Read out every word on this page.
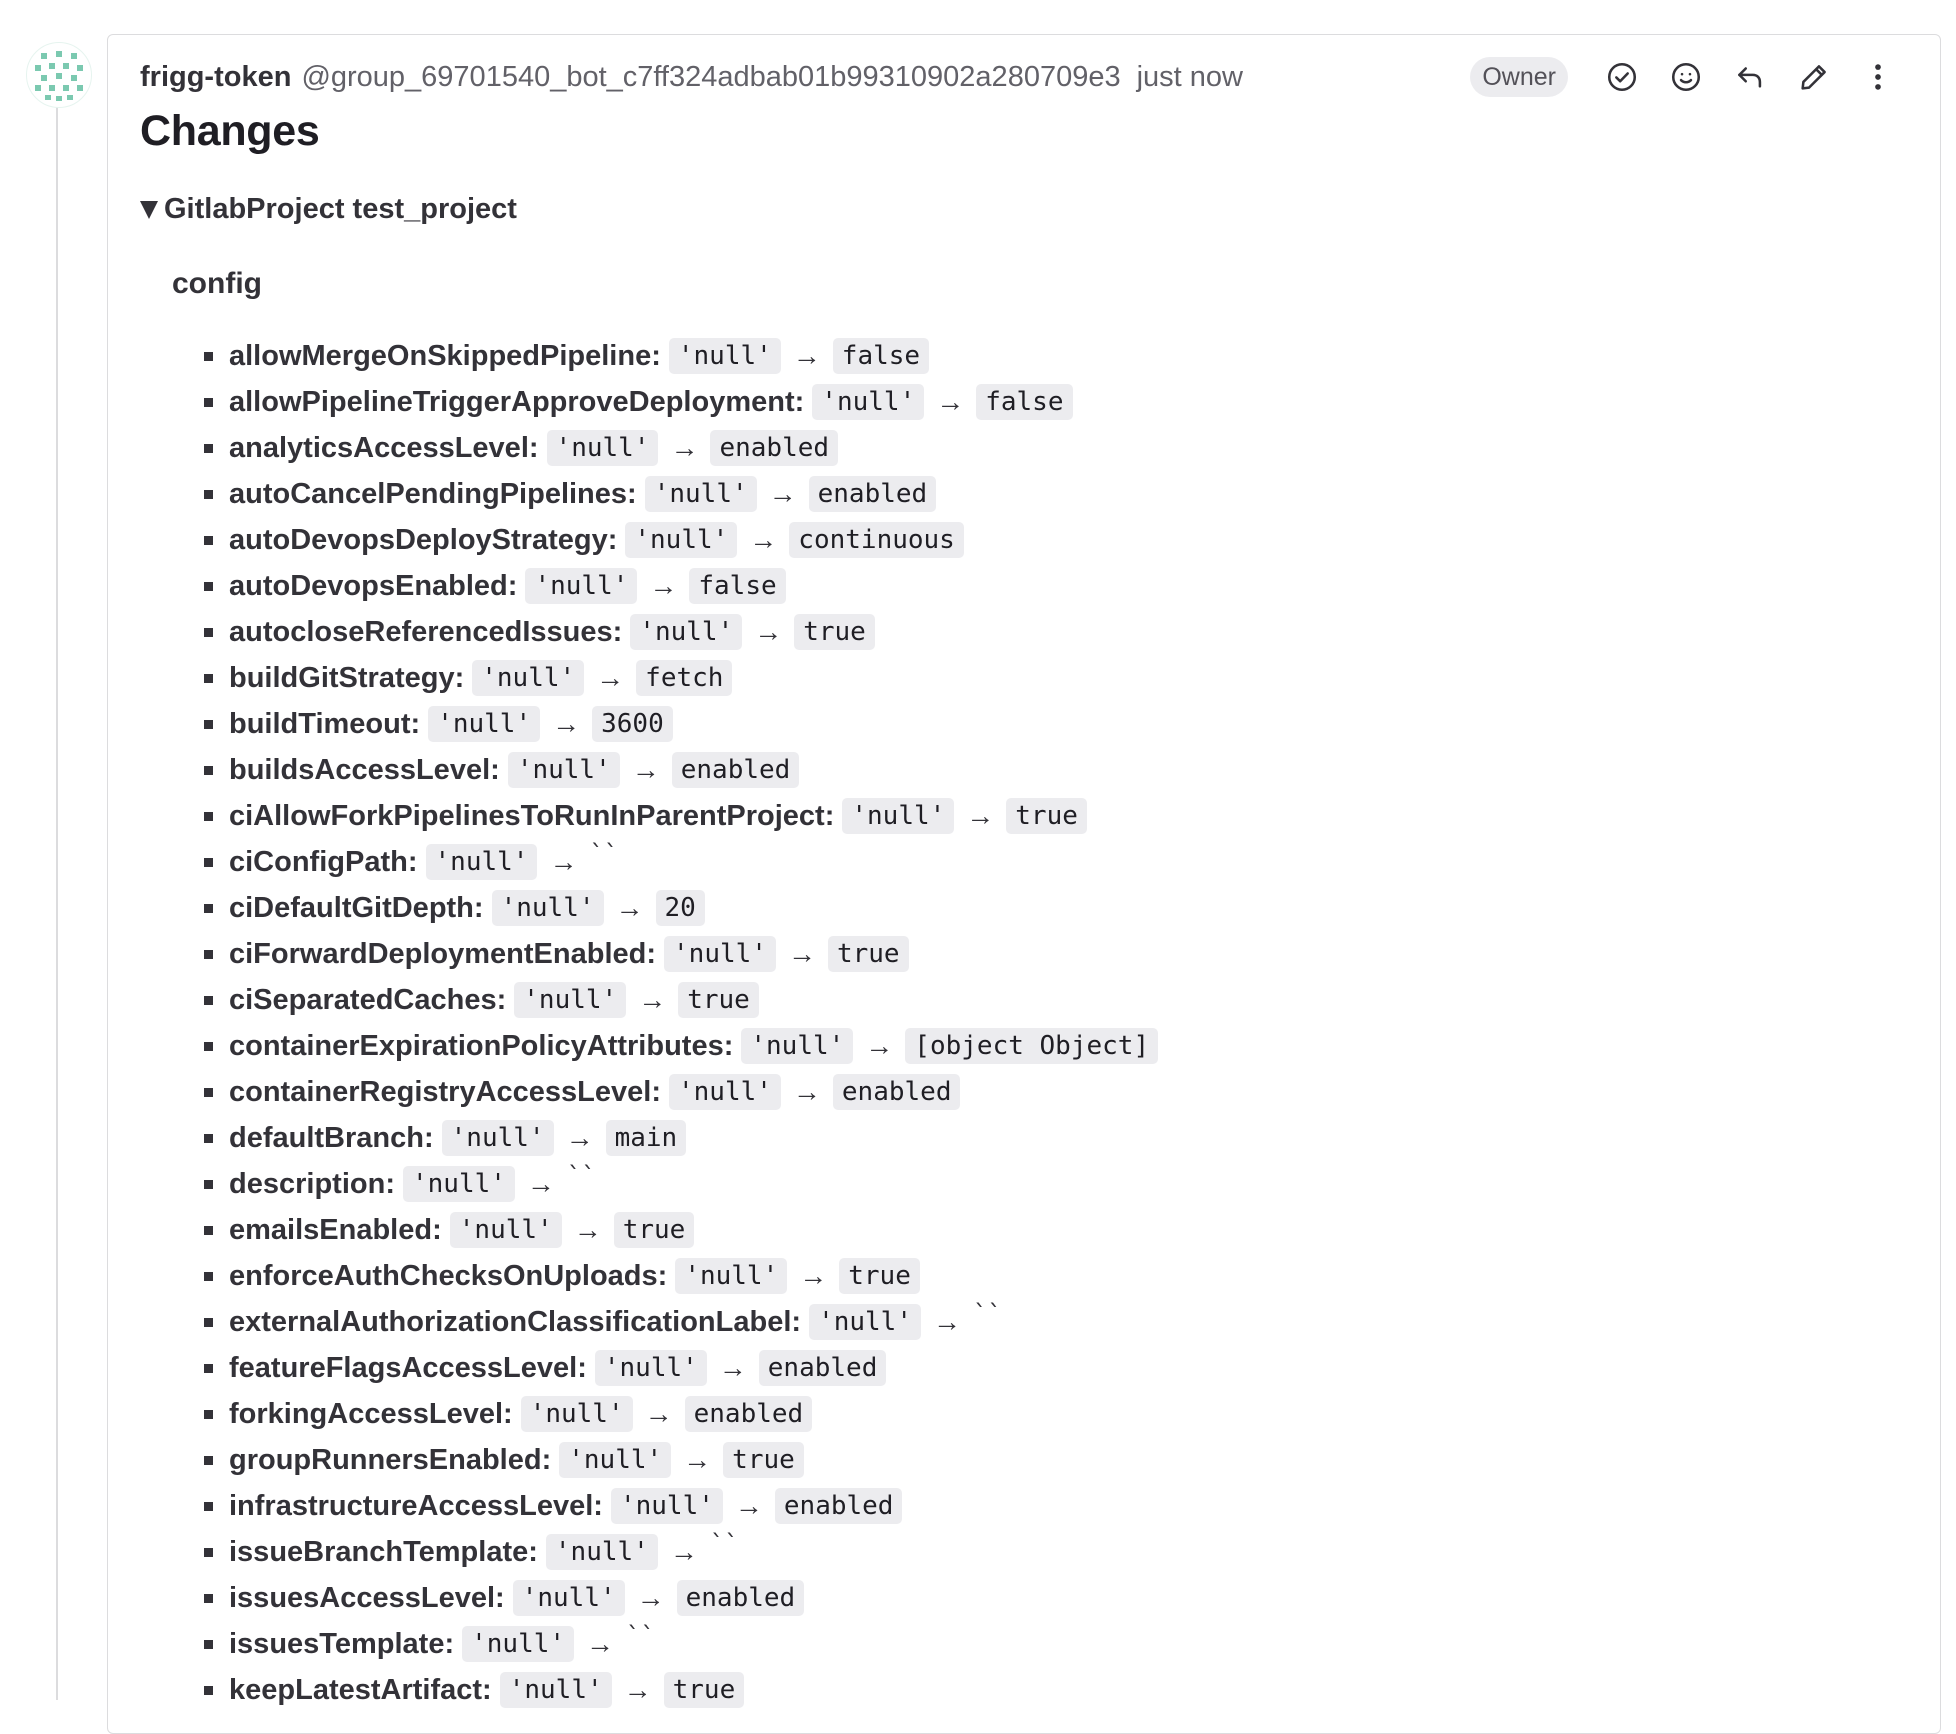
frigg-token @group_69701540_bot_c7ff324adbab01b99310902a280709e3 just now	Owner
Changes
GitlabProject test_project
config
allowMergeOnSkippedPipeline : 'null' → false
allowPipelineTriggerApproveDeployment : 'null' → false
analyticsAccessLevel : 'null' → enabled
autoCancelPendingPipelines : 'null' → enabled
autoDevopsDeployStrategy : 'null' → continuous
autoDevopsEnabled : 'null' → false
autocloseReferencedIssues : 'null' → true
buildGitStrategy : 'null' → fetch
buildTimeout : 'null' → 3600
buildsAccessLevel : 'null' → enabled
ciAllowForkPipelinesToRunInParentProject : 'null' → true
ciConfigPath : 'null' → ``
ciDefaultGitDepth : 'null' → 20
ciForwardDeploymentEnabled : 'null' → true
ciSeparatedCaches : 'null' → true
containerExpirationPolicyAttributes : 'null' → [object Object]
containerRegistryAccessLevel : 'null' → enabled
defaultBranch : 'null' → main
description : 'null' → ``
emailsEnabled : 'null' → true
enforceAuthChecksOnUploads : 'null' → true
externalAuthorizationClassificationLabel : 'null' → ``
featureFlagsAccessLevel : 'null' → enabled
forkingAccessLevel : 'null' → enabled
groupRunnersEnabled : 'null' → true
infrastructureAccessLevel : 'null' → enabled
issueBranchTemplate : 'null' → ``
issuesAccessLevel : 'null' → enabled
issuesTemplate : 'null' → ``
keepLatestArtifact : 'null' → true
